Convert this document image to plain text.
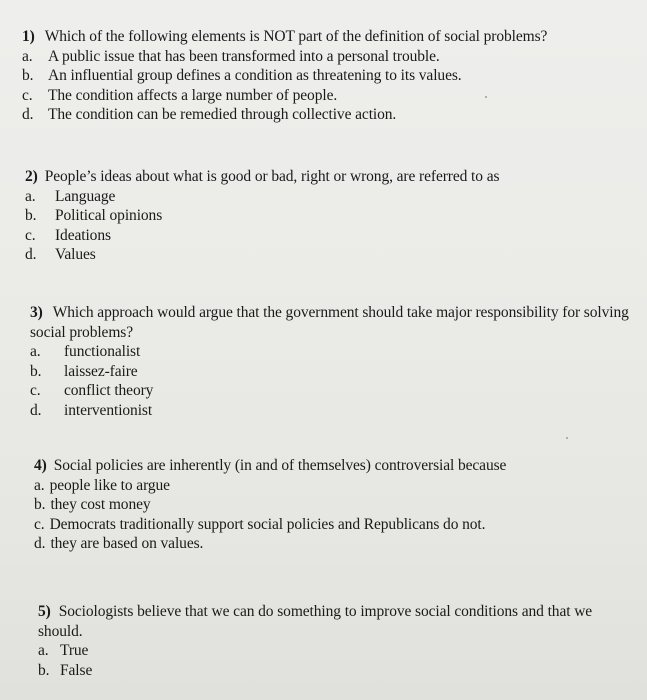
1) Which of the following elements is NOT part of the definition of social problems?
a. A public issue that has been transformed into a personal trouble.
b. An influential group defines a condition as threatening to its values.
c. The condition affects a large number of people.
d. The condition can be remedied through collective action.
2) People’s ideas about what is good or bad, right or wrong, are referred to as
a.	Language
b.	Political opinions
c.	Ideations
d.	Values
3) Which approach would argue that the government should take major responsibility for solving social problems?
a.	functionalist
b.	laissez-faire
c.	conflict theory
d.	interventionist
4) Social policies are inherently (in and of themselves) controversial because
a. people like to argue
b. they cost money
c. Democrats traditionally support social policies and Republicans do not.
d. they are based on values.
5) Sociologists believe that we can do something to improve social conditions and that we should.
a. True
b. False
